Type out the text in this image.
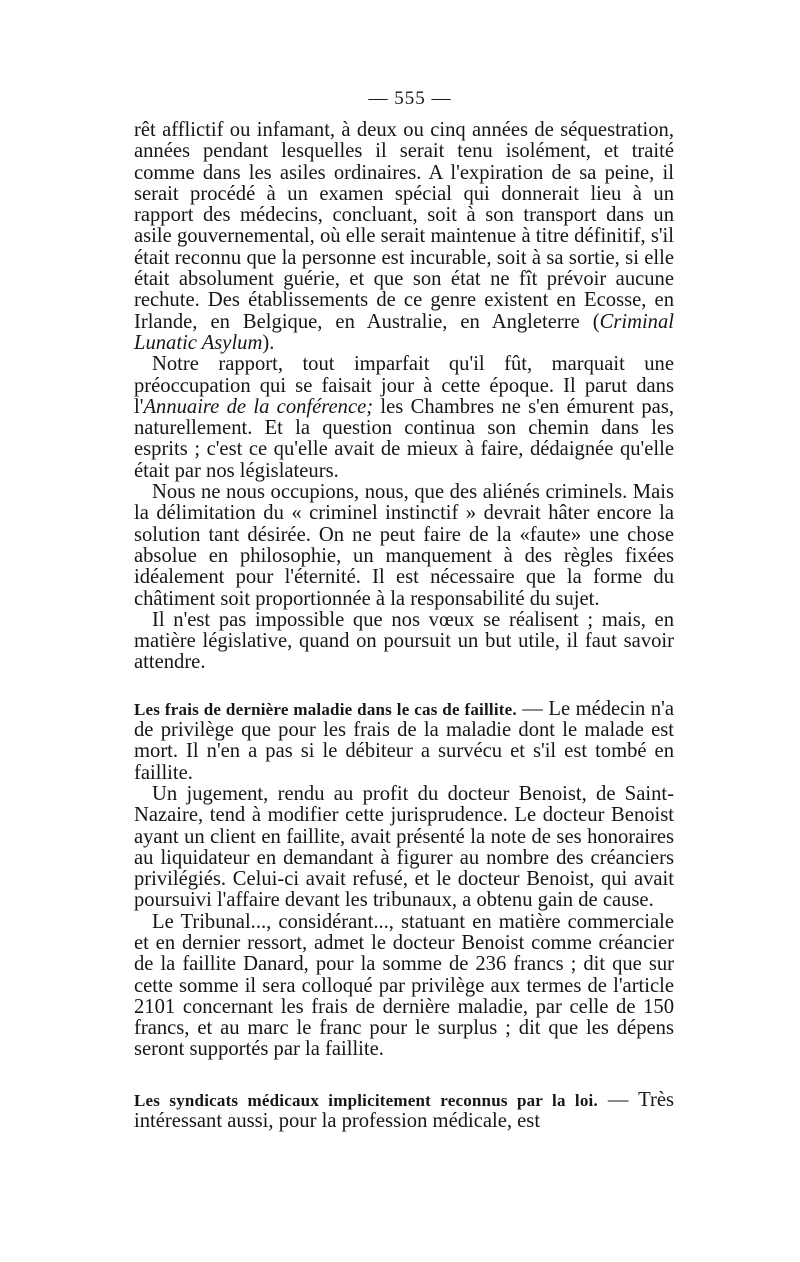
— 555 —

rêt afflictif ou infamant, à deux ou cinq années de séquestration, années pendant lesquelles il serait tenu isolément, et traité comme dans les asiles ordinaires. A l'expiration de sa peine, il serait procédé à un examen spécial qui donnerait lieu à un rapport des médecins, concluant, soit à son transport dans un asile gouvernemental, où elle serait maintenue à titre définitif, s'il était reconnu que la personne est incurable, soit à sa sortie, si elle était absolument guérie, et que son état ne fît prévoir aucune rechute. Des établissements de ce genre existent en Ecosse, en Irlande, en Belgique, en Australie, en Angleterre (Criminal Lunatic Asylum).

Notre rapport, tout imparfait qu'il fût, marquait une préoccupation qui se faisait jour à cette époque. Il parut dans l'Annuaire de la conférence; les Chambres ne s'en émurent pas, naturellement. Et la question continua son chemin dans les esprits ; c'est ce qu'elle avait de mieux à faire, dédaignée qu'elle était par nos législateurs.

Nous ne nous occupions, nous, que des aliénés criminels. Mais la délimitation du « criminel instinctif » devrait hâter encore la solution tant désirée. On ne peut faire de la «faute» une chose absolue en philosophie, un manquement à des règles fixées idéalement pour l'éternité. Il est nécessaire que la forme du châtiment soit proportionnée à la responsabilité du sujet.

Il n'est pas impossible que nos vœux se réalisent ; mais, en matière législative, quand on poursuit un but utile, il faut savoir attendre.

Les frais de dernière maladie dans le cas de faillite. — Le médecin n'a de privilège que pour les frais de la maladie dont le malade est mort. Il n'en a pas si le débiteur a survécu et s'il est tombé en faillite.

Un jugement, rendu au profit du docteur Benoist, de Saint-Nazaire, tend à modifier cette jurisprudence. Le docteur Benoist ayant un client en faillite, avait présenté la note de ses honoraires au liquidateur en demandant à figurer au nombre des créanciers privilégiés. Celui-ci avait refusé, et le docteur Benoist, qui avait poursuivi l'affaire devant les tribunaux, a obtenu gain de cause.

Le Tribunal..., considérant..., statuant en matière commerciale et en dernier ressort, admet le docteur Benoist comme créancier de la faillite Danard, pour la somme de 236 francs ; dit que sur cette somme il sera colloqué par privilège aux termes de l'article 2101 concernant les frais de dernière maladie, par celle de 150 francs, et au marc le franc pour le surplus ; dit que les dépens seront supportés par la faillite.

Les syndicats médicaux implicitement reconnus par la loi. — Très intéressant aussi, pour la profession médicale, est
